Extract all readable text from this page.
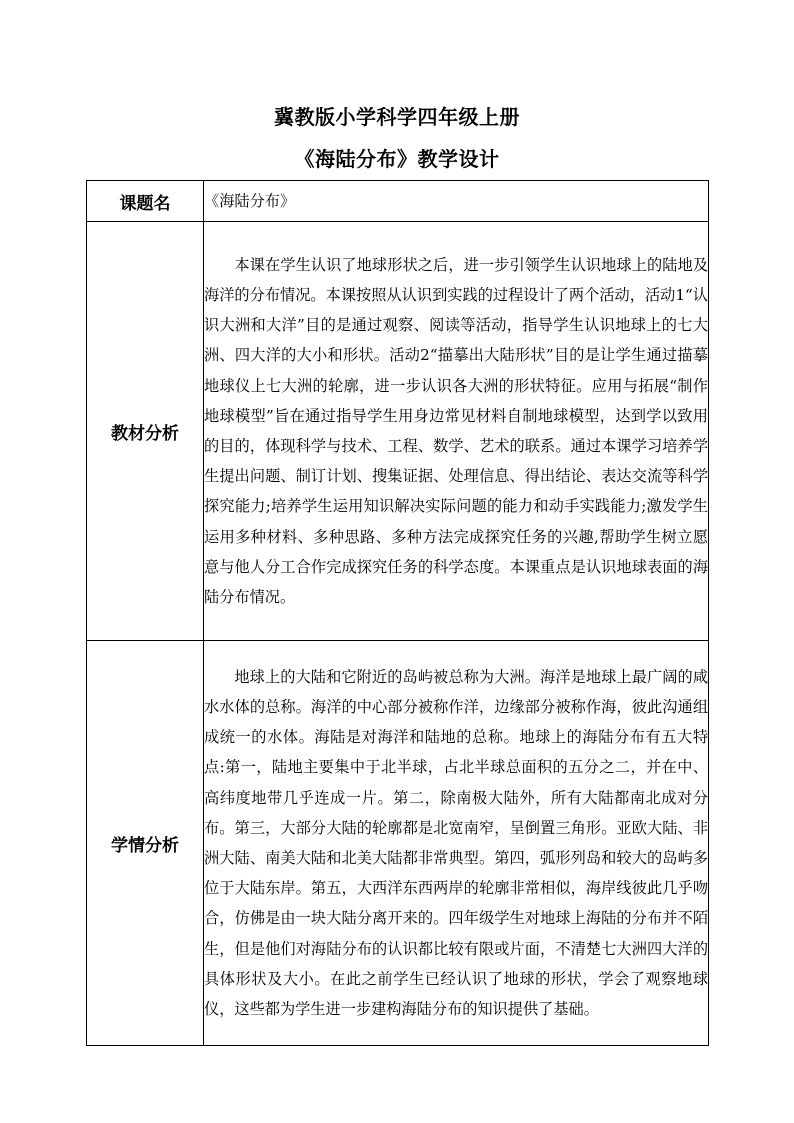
冀教版小学科学四年级上册
《海陆分布》教学设计
课题名	《海陆分布》
教材分析	本课在学生认识了地球形状之后，进一步引领学生认识地球上的陆地及海洋的分布情况。本课按照从认识到实践的过程设计了两个活动，活动1“认识大洲和大洋”目的是通过观察、阅读等活动，指导学生认识地球上的七大洲、四大洋的大小和形状。活动2“描摹出大陆形状”目的是让学生通过描摹地球仪上七大洲的轮廓，进一步认识各大洲的形状特征。应用与拓展“制作地球模型”旨在通过指导学生用身边常见材料自制地球模型，达到学以致用的目的，体现科学与技术、工程、数学、艺术的联系。通过本课学习培养学生提出问题、制订计划、搜集证据、处理信息、得出结论、表达交流等科学探究能力;培养学生运用知识解决实际问题的能力和动手实践能力;激发学生运用多种材料、多种思路、多种方法完成探究任务的兴趣,帮助学生树立愿意与他人分工合作完成探究任务的科学态度。本课重点是认识地球表面的海陆分布情况。

学情分析	地球上的大陆和它附近的岛屿被总称为大洲。海洋是地球上最广阔的咸水水体的总称。海洋的中心部分被称作洋，边缘部分被称作海，彼此沟通组成统一的水体。海陆是对海洋和陆地的总称。地球上的海陆分布有五大特点:第一，陆地主要集中于北半球，占北半球总面积的五分之二，并在中、高纬度地带几乎连成一片。第二，除南极大陆外，所有大陆都南北成对分布。第三，大部分大陆的轮廓都是北宽南窄，呈倒置三角形。亚欧大陆、非洲大陆、南美大陆和北美大陆都非常典型。第四，弧形列岛和较大的岛屿多位于大陆东岸。第五，大西洋东西两岸的轮廓非常相似，海岸线彼此几乎吻合，仿佛是由一块大陆分离开来的。四年级学生对地球上海陆的分布并不陌生，但是他们对海陆分布的认识都比较有限或片面，不清楚七大洲四大洋的具体形状及大小。在此之前学生已经认识了地球的形状，学会了观察地球仪，这些都为学生进一步建构海陆分布的知识提供了基础。
